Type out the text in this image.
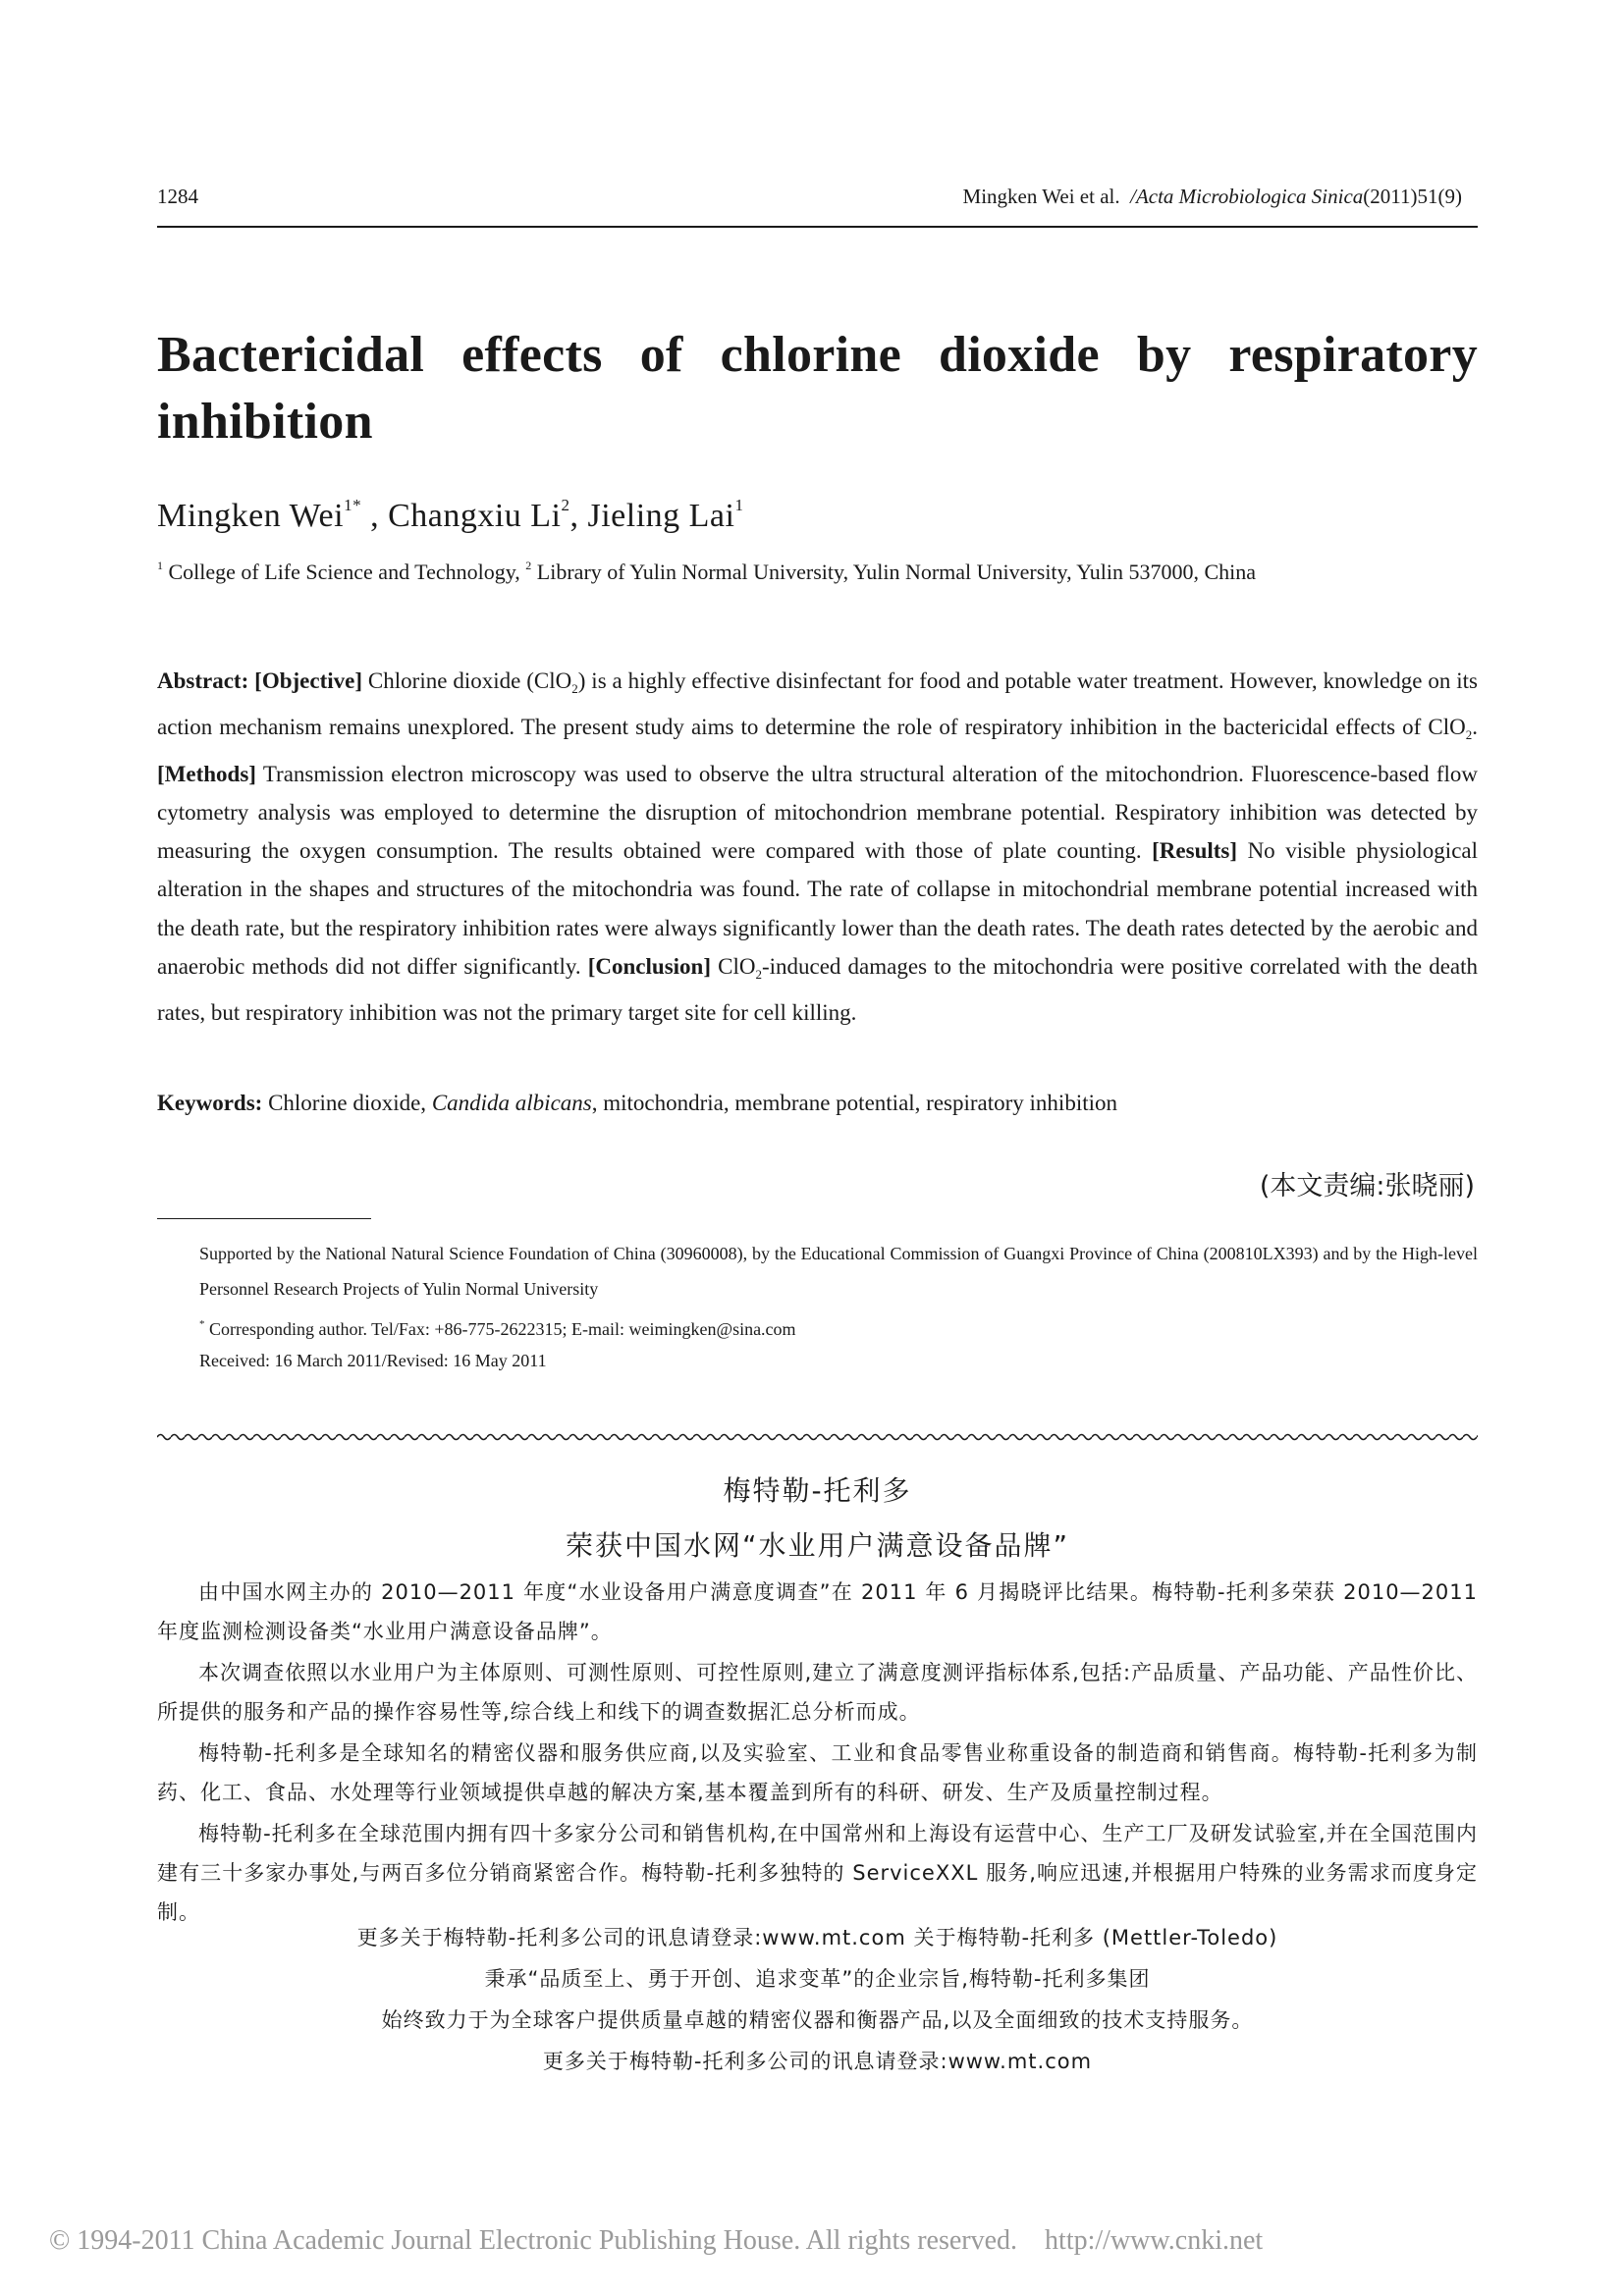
1284	Mingken Wei et al. /Acta Microbiologica Sinica(2011)51(9)
Bactericidal effects of chlorine dioxide by respiratory inhibition
Mingken Wei$^{1*}$ , Changxiu Li$^2$, Jieling Lai$^1$
$^1$ College of Life Science and Technology, $^2$ Library of Yulin Normal University, Yulin Normal University, Yulin 537000, China
Abstract: [Objective] Chlorine dioxide (ClO$_2$) is a highly effective disinfectant for food and potable water treatment. However, knowledge on its action mechanism remains unexplored. The present study aims to determine the role of respiratory inhibition in the bactericidal effects of ClO$_2$. [Methods] Transmission electron microscopy was used to observe the ultra structural alteration of the mitochondrion. Fluorescence-based flow cytometry analysis was employed to determine the disruption of mitochondrion membrane potential. Respiratory inhibition was detected by measuring the oxygen consumption. The results obtained were compared with those of plate counting. [Results] No visible physiological alteration in the shapes and structures of the mitochondria was found. The rate of collapse in mitochondrial membrane potential increased with the death rate, but the respiratory inhibition rates were always significantly lower than the death rates. The death rates detected by the aerobic and anaerobic methods did not differ significantly. [Conclusion] ClO$_2$-induced damages to the mitochondria were positive correlated with the death rates, but respiratory inhibition was not the primary target site for cell killing.
Keywords: Chlorine dioxide, Candida albicans, mitochondria, membrane potential, respiratory inhibition
(本文责编:张晓丽)
Supported by the National Natural Science Foundation of China (30960008), by the Educational Commission of Guangxi Province of China (200810LX393) and by the High-level Personnel Research Projects of Yulin Normal University
* Corresponding author. Tel/Fax: +86-775-2622315; E-mail: weimingken@sina.com
Received: 16 March 2011/Revised: 16 May 2011
梅特勒-托利多
荣获中国水网“水业用户满意设备品牌”
由中国水网主办的 2010—2011 年度“水业设备用户满意度调查”在 2011 年 6 月揭晓评比结果。梅特勒-托利多荣获 2010—2011 年度监测检测设备类“水业用户满意设备品牌”。
本次调查依照以水业用户为主体原则、可测性原则、可控性原则,建立了满意度测评指标体系,包括:产品质量、产品功能、产品性价比、所提供的服务和产品的操作容易性等,综合线上和线下的调查数据汇总分析而成。
梅特勒-托利多是全球知名的精密仪器和服务供应商,以及实验室、工业和食品零售业称重设备的制造商和销售商。梅特勒-托利多为制药、化工、食品、水处理等行业领域提供卓越的解决方案,基本覆盖到所有的科研、研发、生产及质量控制过程。
梅特勒-托利多在全球范围内拥有四十多家分公司和销售机构,在中国常州和上海设有运营中心、生产工厂及研发试验室,并在全国范围内建有三十多家办事处,与两百多位分销商紧密合作。梅特勒-托利多独特的 ServiceXXL 服务,响应迅速,并根据用户特殊的业务需求而度身定制。
更多关于梅特勒-托利多公司的讯息请登录:www.mt.com 关于梅特勒-托利多 (Mettler-Toledo)
秉承“品质至上、勇于开创、追求变革”的企业宗旨,梅特勒-托利多集团
始终致力于为全球客户提供质量卓越的精密仪器和衡器产品,以及全面细致的技术支持服务。
更多关于梅特勒-托利多公司的讯息请登录:www.mt.com
© 1994-2011 China Academic Journal Electronic Publishing House. All rights reserved.    http://www.cnki.net
